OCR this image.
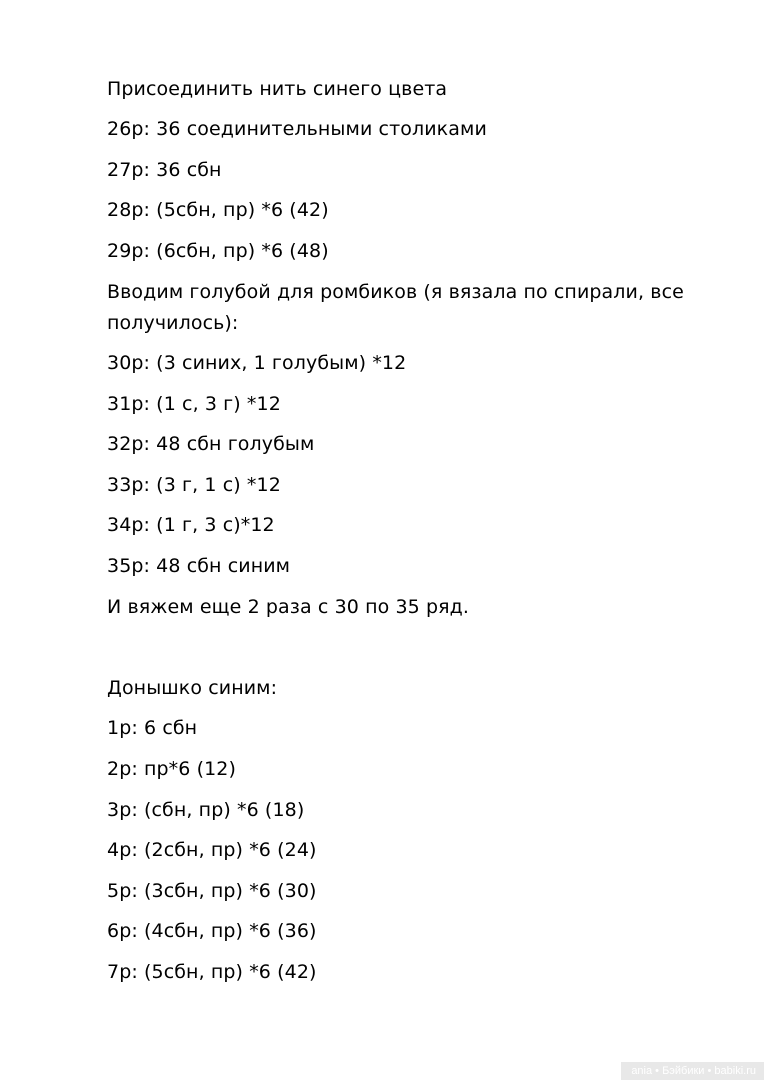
Присоединить нить синего цвета
26р: 36 соединительными столиками
27р: 36 сбн
28р: (5сбн, пр) *6 (42)
29р: (6сбн, пр) *6 (48)
Вводим голубой для ромбиков (я вязала по спирали, все
получилось):
30р: (3 синих, 1 голубым) *12
31р: (1 с, 3 г) *12
32р: 48 сбн голубым
33р: (3 г, 1 с) *12
34р: (1 г, 3 с)*12
35р: 48 сбн синим
И вяжем еще 2 раза с 30 по 35 ряд.
Донышко синим:
1р: 6 сбн
2р: пр*6 (12)
3р: (сбн, пр) *6 (18)
4р: (2сбн, пр) *6 (24)
5р: (3сбн, пр) *6 (30)
6р: (4сбн, пр) *6 (36)
7р: (5сбн, пр) *6 (42)
ania • Бэйбики • babiki.ru
